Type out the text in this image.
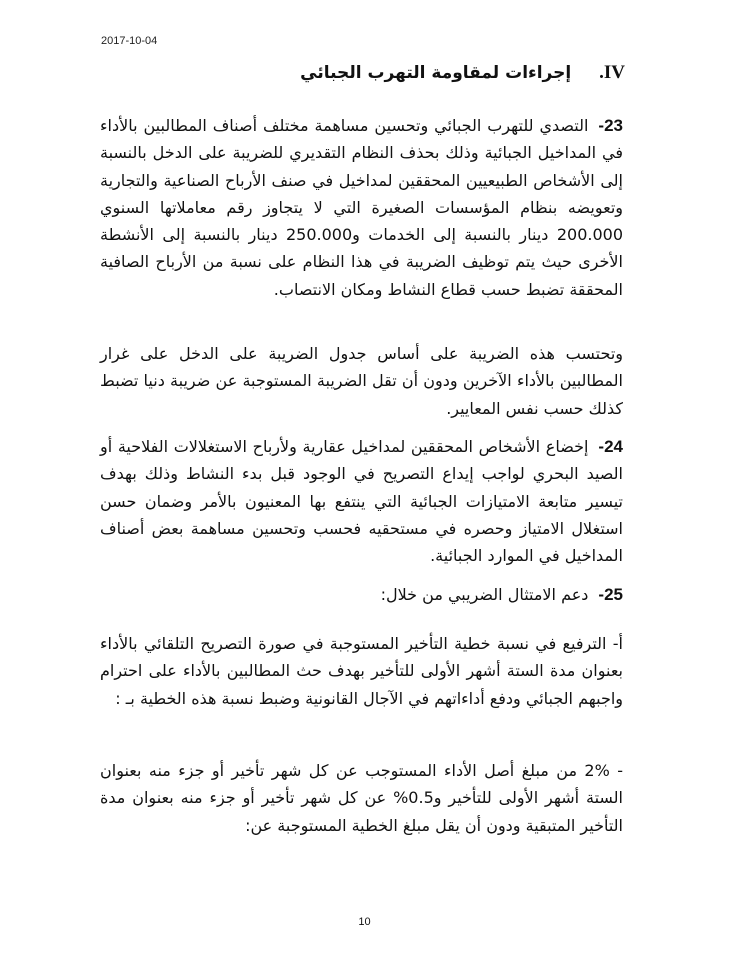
2017-10-04
IV. إجراءات لمقاومة التهرب الجبائي

23-التصدي للتهرب الجبائي وتحسين مساهمة مختلف أصناف المطالبين بالأداء في المداخيل الجبائية وذلك بحذف النظام التقديري للضريبة على الدخل بالنسبة إلى الأشخاص الطبيعيين المحققين لمداخيل في صنف الأرباح الصناعية والتجارية وتعويضه بنظام المؤسسات الصغيرة التي لا يتجاوز رقم معاملاتها السنوي 200.000 دينار بالنسبة إلى الخدمات و250.000 دينار بالنسبة إلى الأنشطة الأخرى حيث يتم توظيف الضريبة في هذا النظام على نسبة من الأرباح الصافية المحققة تضبط حسب قطاع النشاط ومكان الانتصاب.

وتحتسب هذه الضريبة على أساس جدول الضريبة على الدخل على غرار المطالبين بالأداء الآخرين ودون أن تقل الضريبة المستوجبة عن ضريبة دنيا تضبط كذلك حسب نفس المعايير.

24-إخضاع الأشخاص المحققين لمداخيل عقارية ولأرباح الاستغلالات الفلاحية أو الصيد البحري لواجب إيداع التصريح في الوجود قبل بدء النشاط وذلك بهدف تيسير متابعة الامتيازات الجبائية التي ينتفع بها المعنيون بالأمر وضمان حسن استغلال الامتياز وحصره في مستحقيه فحسب وتحسين مساهمة بعض أصناف المداخيل في الموارد الجبائية.

25-دعم الامتثال الضريبي من خلال:

أ- الترفيع في نسبة خطية التأخير المستوجبة في صورة التصريح التلقائي بالأداء بعنوان مدة الستة أشهر الأولى للتأخير بهدف حث المطالبين بالأداء على احترام واجبهم الجبائي ودفع أداءاتهم في الآجال القانونية وضبط نسبة هذه الخطية بـ :

- 2% من مبلغ أصل الأداء المستوجب عن كل شهر تأخير أو جزء منه بعنوان الستة أشهر الأولى للتأخير و0.5% عن كل شهر تأخير أو جزء منه بعنوان مدة التأخير المتبقية ودون أن يقل مبلغ الخطية المستوجبة عن:

10
